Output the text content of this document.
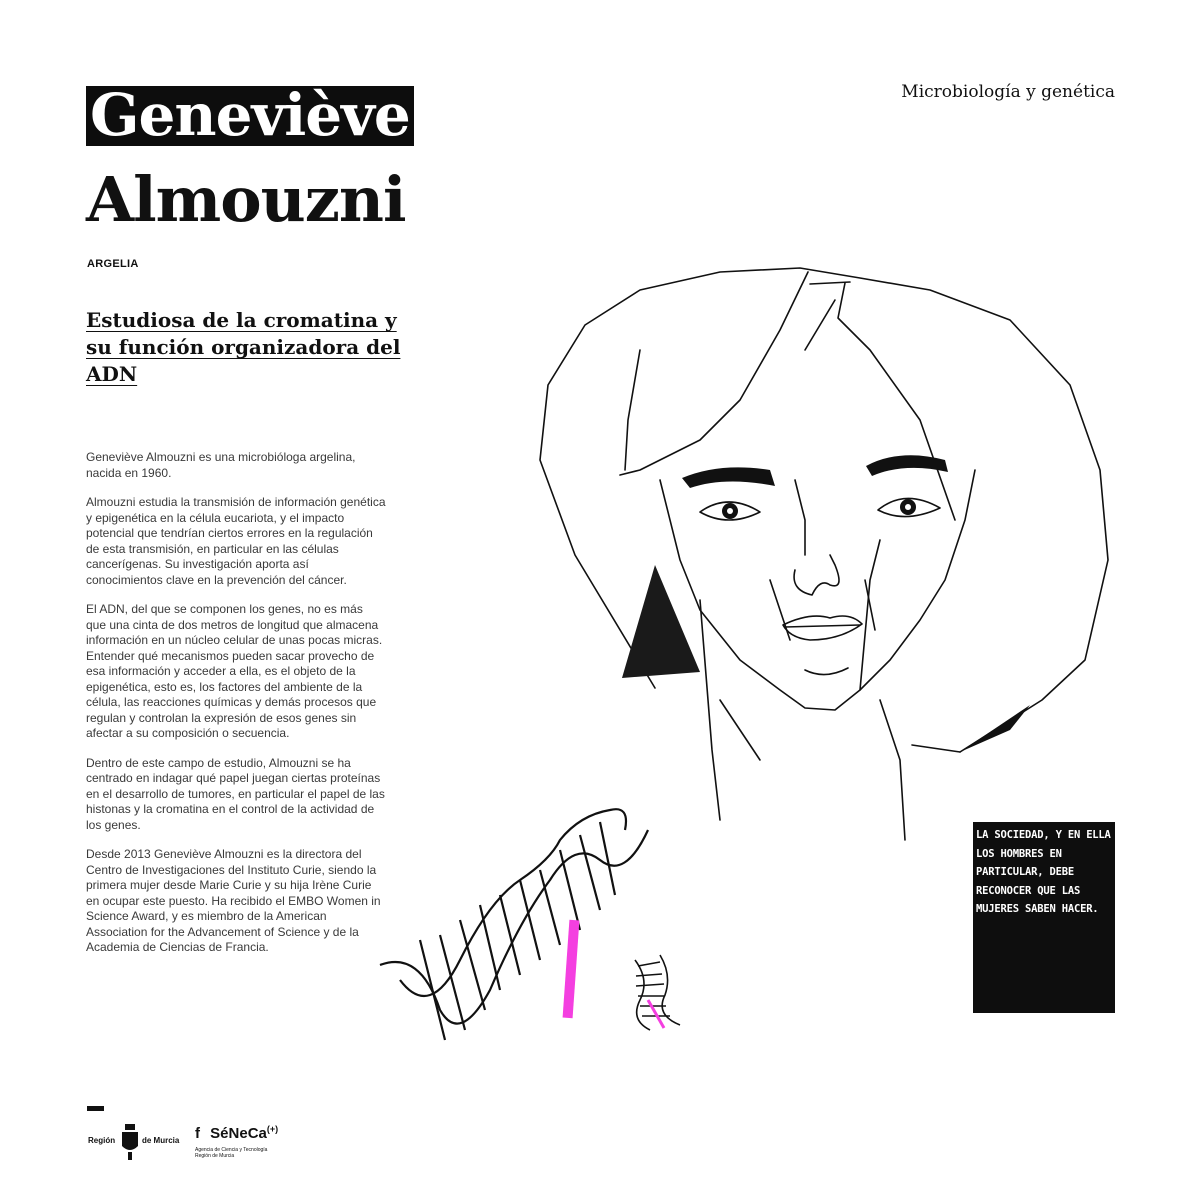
Geneviève
Almouzni
ARGELIA
Microbiología y genética
Estudiosa de la cromatina y su función organizadora del ADN

Geneviève Almouzni es una microbióloga argelina, nacida en 1960.

Almouzni estudia la transmisión de información genética y epigenética en la célula eucariota, y el impacto potencial que tendrían ciertos errores en la regulación de esta transmisión, en particular en las células cancerígenas. Su investigación aporta así conocimientos clave en la prevención del cáncer.

El ADN, del que se componen los genes, no es más que una cinta de dos metros de longitud que almacena información en un núcleo celular de unas pocas micras. Entender qué mecanismos pueden sacar provecho de esa información y acceder a ella, es el objeto de la epigenética, esto es, los factores del ambiente de la célula, las reacciones químicas y demás procesos que regulan y controlan la expresión de esos genes sin afectar a su composición o secuencia.

Dentro de este campo de estudio, Almouzni se ha centrado en indagar qué papel juegan ciertas proteínas en el desarrollo de tumores, en particular el papel de las histonas y la cromatina en el control de la actividad de los genes.

Desde 2013 Geneviève Almouzni es la directora del Centro de Investigaciones del Instituto Curie, siendo la primera mujer desde Marie Curie y su hija Irène Curie en ocupar este puesto. Ha recibido el EMBO Women in Science Award, y es miembro de la American Association for the Advancement of Science y de la Academia de Ciencias de Francia.

LA SOCIEDAD, Y EN ELLA LOS HOMBRES EN PARTICULAR, DEBE RECONOCER QUE LAS MUJERES SABEN HACER.
Región	de Murcia f SéNeCa(+)
Agencia de Ciencia y Tecnología
Región de Murcia
